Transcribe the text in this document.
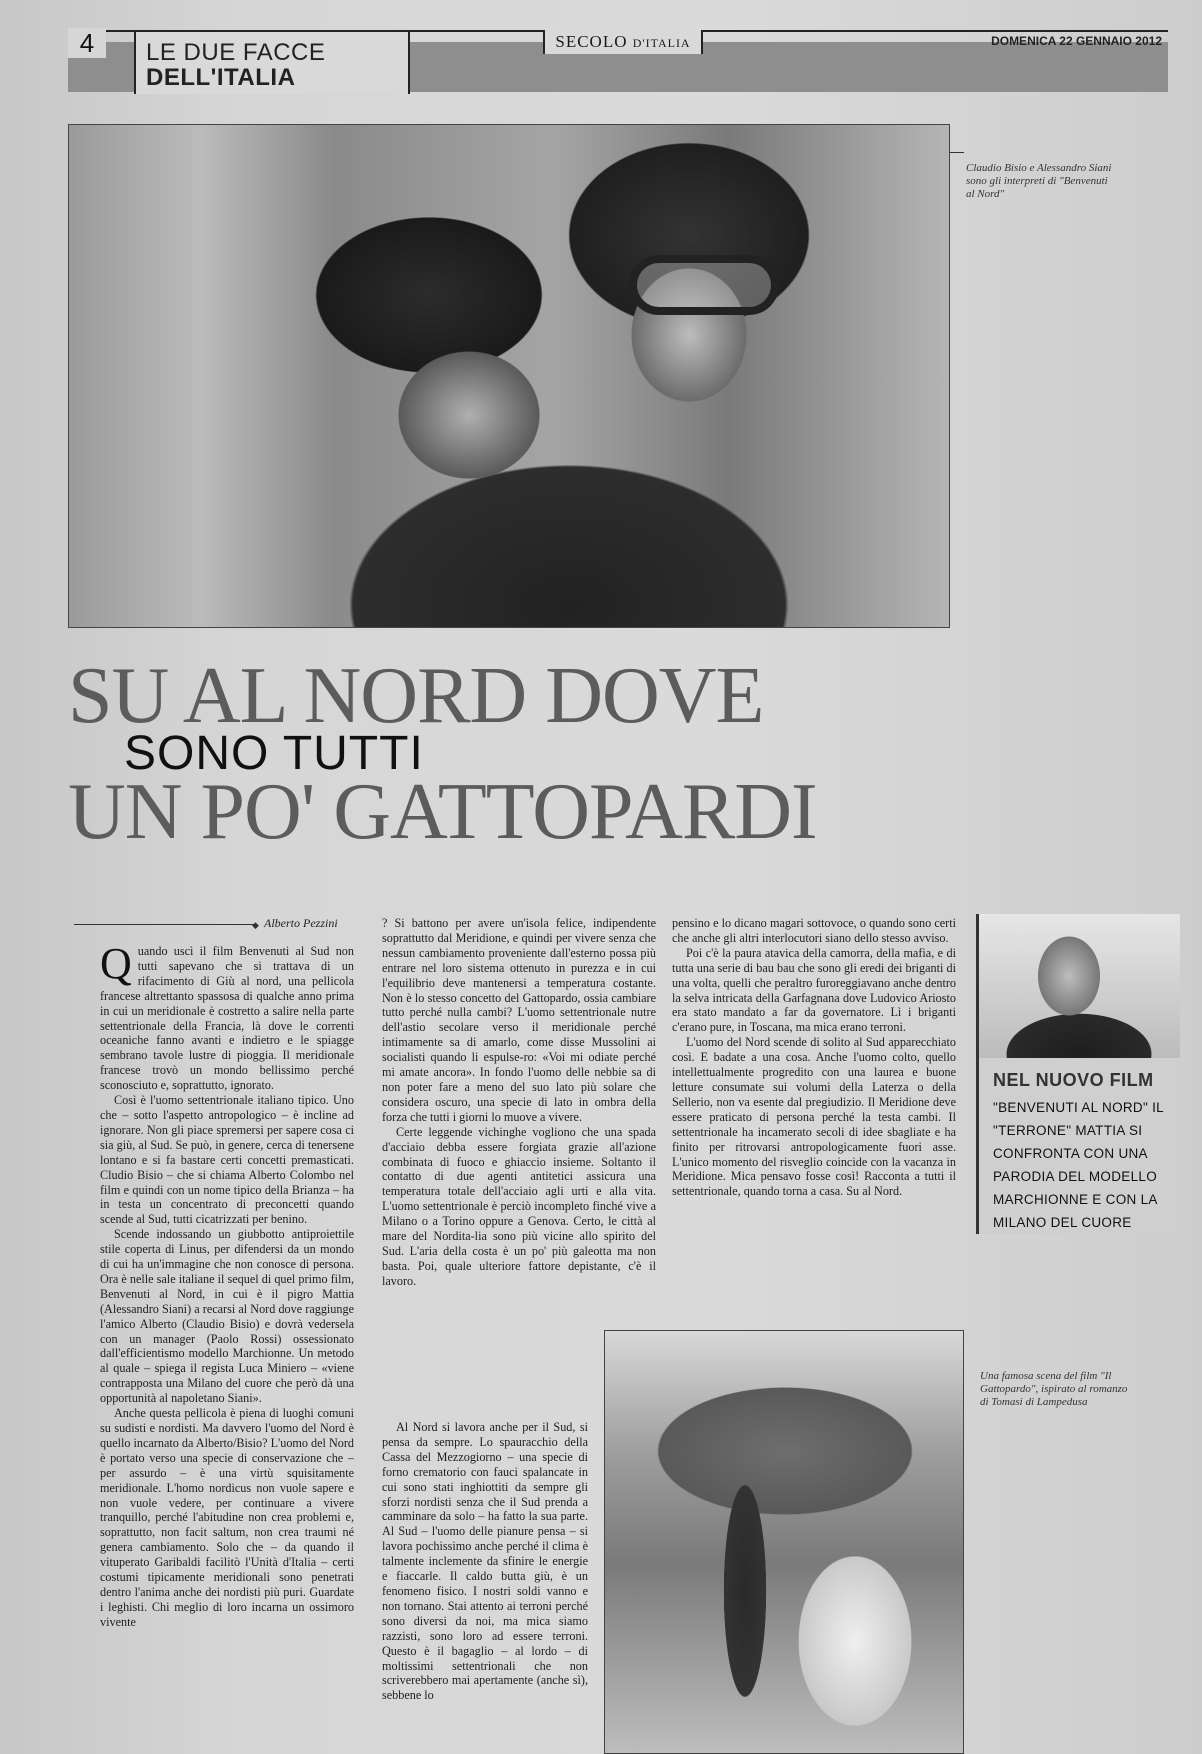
4	LE DUE FACCE
DELL'ITALIA
SECOLO D'ITALIA	DOMENICA 22 GENNAIO 2012
Claudio Bisio e Alessandro Siani sono gli interpreti di "Benvenuti al Nord"
SU AL NORD DOVE
UN PO' GATTOPARDI
SONO TUTTI
◆ Alberto Pezzini

Quando uscì il film Benvenuti al Sud non tutti sapevano che si trattava di un rifacimento di Giù al nord, una pellicola francese altrettanto spassosa di qualche anno prima in cui un meridionale è costretto a salire nella parte settentrionale della Francia, là dove le correnti oceaniche fanno avanti e indietro e le spiagge sembrano tavole lustre di pioggia. Il meridionale francese trovò un mondo bellissimo perché sconosciuto e, soprattutto, ignorato.

Così è l'uomo settentrionale italiano tipico. Uno che – sotto l'aspetto antropologico – è incline ad ignorare. Non gli piace spremersi per sapere cosa ci sia giù, al Sud. Se può, in genere, cerca di tenersene lontano e si fa bastare certi concetti premasticati. Cludio Bisio – che si chiama Alberto Colombo nel film e quindi con un nome tipico della Brianza – ha in testa un concentrato di preconcetti quando scende al Sud, tutti cicatrizzati per benino.

Scende indossando un giubbotto antiproiettile stile coperta di Linus, per difendersi da un mondo di cui ha un'immagine che non conosce di persona. Ora è nelle sale italiane il sequel di quel primo film, Benvenuti al Nord, in cui è il pigro Mattia (Alessandro Siani) a recarsi al Nord dove raggiunge l'amico Alberto (Claudio Bisio) e dovrà vedersela con un manager (Paolo Rossi) ossessionato dall'efficientismo modello Marchionne. Un metodo al quale – spiega il regista Luca Miniero – «viene contrapposta una Milano del cuore che però dà una opportunità al napoletano Siani».

Anche questa pellicola è piena di luoghi comuni su sudisti e nordisti. Ma davvero l'uomo del Nord è quello incarnato da Alberto/Bisio? L'uomo del Nord è portato verso una specie di conservazione che – per assurdo – è una virtù squisitamente meridionale. L'homo nordicus non vuole sapere e non vuole vedere, per continuare a vivere tranquillo, perché l'abitudine non crea problemi e, soprattutto, non facit saltum, non crea traumi né genera cambiamento. Solo che – da quando il vituperato Garibaldi facilitò l'Unità d'Italia – certi costumi tipicamente meridionali sono penetrati dentro l'anima anche dei nordisti più puri. Guardate i leghisti. Chi meglio di loro incarna un ossimoro vivente

? Si battono per avere un'isola felice, indipendente soprattutto dal Meridione, e quindi per vivere senza che nessun cambiamento proveniente dall'esterno possa più entrare nel loro sistema ottenuto in purezza e in cui l'equilibrio deve mantenersi a temperatura costante. Non è lo stesso concetto del Gattopardo, ossia cambiare tutto perché nulla cambi? L'uomo settentrionale nutre dell'astio secolare verso il meridionale perché intimamente sa di amarlo, come disse Mussolini ai socialisti quando li espulse-ro: «Voi mi odiate perché mi amate ancora». In fondo l'uomo delle nebbie sa di non poter fare a meno del suo lato più solare che considera oscuro, una specie di lato in ombra della forza che tutti i giorni lo muove a vivere.

Certe leggende vichinghe vogliono che una spada d'acciaio debba essere forgiata grazie all'azione combinata di fuoco e ghiaccio insieme. Soltanto il contatto di due agenti antitetici assicura una temperatura totale dell'acciaio agli urti e alla vita. L'uomo settentrionale è perciò incompleto finché vive a Milano o a Torino oppure a Genova. Certo, le città al mare del Nordita-lia sono più vicine allo spirito del Sud. L'aria della costa è un po' più galeotta ma non basta. Poi, quale ulteriore fattore depistante, c'è il lavoro.

Al Nord si lavora anche per il Sud, si pensa da sempre. Lo spauracchio della Cassa del Mezzogiorno – una specie di forno crematorio con fauci spalancate in cui sono stati inghiottiti da sempre gli sforzi nordisti senza che il Sud prenda a camminare da solo – ha fatto la sua parte. Al Sud – l'uomo delle pianure pensa – si lavora pochissimo anche perché il clima è talmente inclemente da sfinire le energie e fiaccarle. Il caldo butta giù, è un fenomeno fisico. I nostri soldi vanno e non tornano. Stai attento ai terroni perché sono diversi da noi, ma mica siamo razzisti, sono loro ad essere terroni. Questo è il bagaglio – al lordo – di moltissimi settentrionali che non scriverebbero mai apertamente (anche sì), sebbene lo

pensino e lo dicano magari sottovoce, o quando sono certi che anche gli altri interlocutori siano dello stesso avviso.

Poi c'è la paura atavica della camorra, della mafia, e di tutta una serie di bau bau che sono gli eredi dei briganti di una volta, quelli che peraltro furoreggiavano anche dentro la selva intricata della Garfagnana dove Ludovico Ariosto era stato mandato a far da governatore. Lì i briganti c'erano pure, in Toscana, ma mica erano terroni.

L'uomo del Nord scende di solito al Sud apparecchiato così. E badate a una cosa. Anche l'uomo colto, quello intellettualmente progredito con una laurea e buone letture consumate sui volumi della Laterza o della Sellerio, non va esente dal pregiudizio. Il Meridione deve essere praticato di persona perché la testa cambi. Il settentrionale ha incamerato secoli di idee sbagliate e ha finito per ritrovarsi antropologicamente fuori asse. L'unico momento del risveglio coincide con la vacanza in Meridione. Mica pensavo fosse così! Racconta a tutti il settentrionale, quando torna a casa. Su al Nord.

NEL NUOVO FILM
"BENVENUTI AL NORD" IL "TERRONE" MATTIA SI CONFRONTA CON UNA PARODIA DEL MODELLO MARCHIONNE E CON LA MILANO DEL CUORE
Una famosa scena del film "Il Gattopardo", ispirato al romanzo di Tomasi di Lampedusa
